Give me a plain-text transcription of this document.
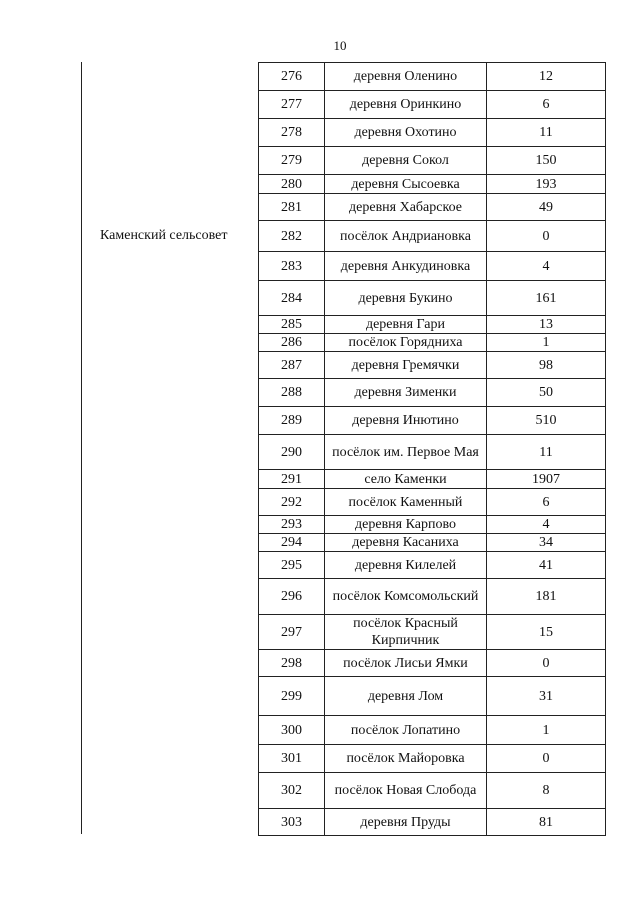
10
Каменский сельсовет
276	деревня Оленино	12
277	деревня Оринкино	6
278	деревня Охотино	11
279	деревня Сокол	150
280	деревня Сысоевка	193
281	деревня Хабарское	49
282	посёлок Андриановка	0
283	деревня Анкудиновка	4
284	деревня Букино	161
285	деревня Гари	13
286	посёлок Горядниха	1
287	деревня Гремячки	98
288	деревня Зименки	50
289	деревня Инютино	510
290	посёлок им. Первое Мая	11
291	село Каменки	1907
292	посёлок Каменный	6
293	деревня Карпово	4
294	деревня Касаниха	34
295	деревня Килелей	41
296	посёлок Комсомольский	181
297	посёлок Красный Кирпичник	15
298	посёлок Лисьи Ямки	0
299	деревня Лом	31
300	посёлок Лопатино	1
301	посёлок Майоровка	0
302	посёлок Новая Слобода	8
303	деревня Пруды	81
